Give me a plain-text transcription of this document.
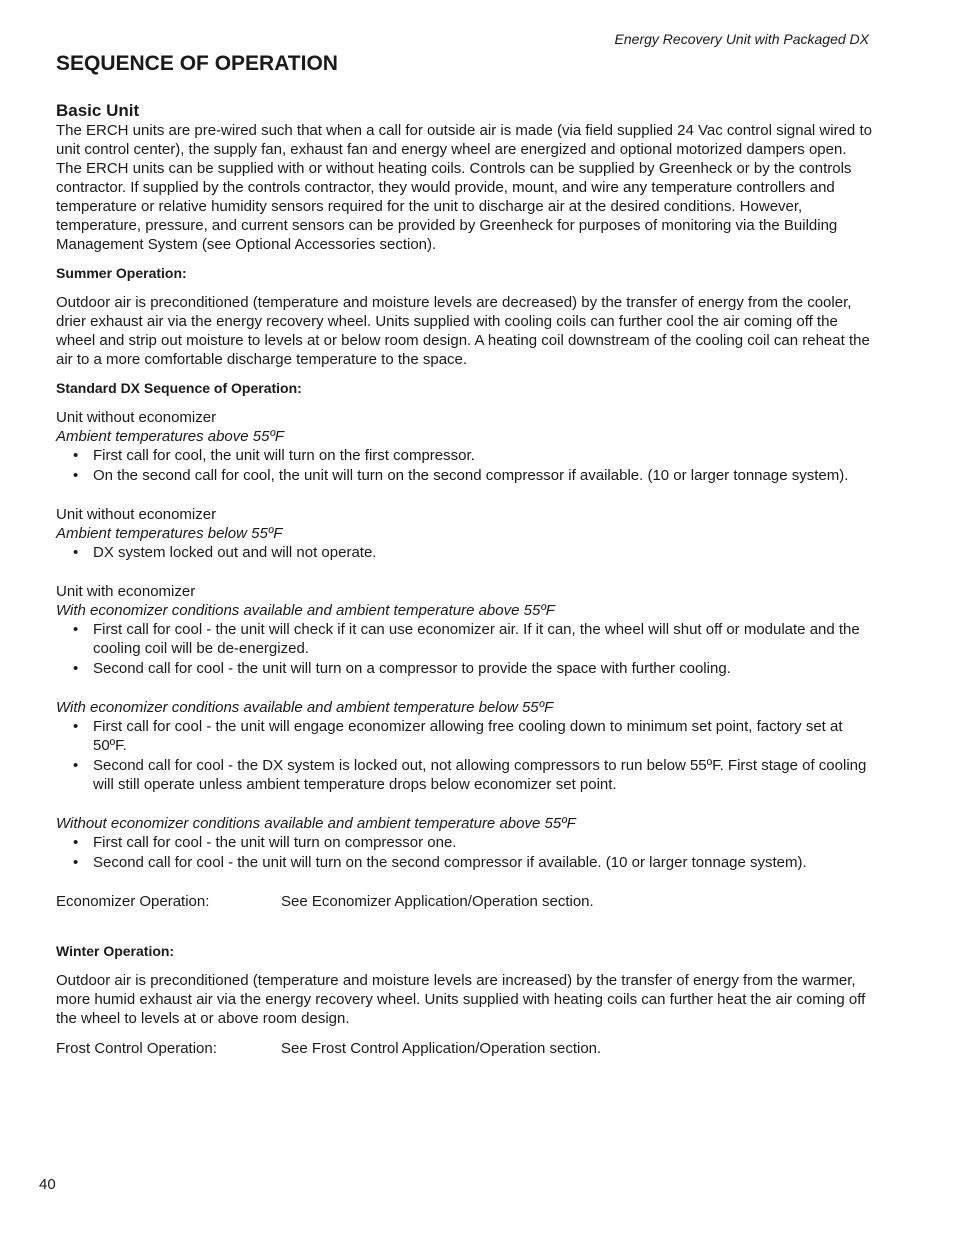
Energy Recovery Unit with Packaged DX
SEQUENCE OF OPERATION
Basic Unit

The ERCH units are pre-wired such that when a call for outside air is made (via field supplied 24 Vac control signal wired to unit control center), the supply fan, exhaust fan and energy wheel are energized and optional motorized dampers open. The ERCH units can be supplied with or without heating coils. Controls can be supplied by Greenheck or by the controls contractor. If supplied by the controls contractor, they would provide, mount, and wire any temperature controllers and temperature or relative humidity sensors required for the unit to discharge air at the desired conditions. However, temperature, pressure, and current sensors can be provided by Greenheck for purposes of monitoring via the Building Management System (see Optional Accessories section).

Summer Operation:

Outdoor air is preconditioned (temperature and moisture levels are decreased) by the transfer of energy from the cooler, drier exhaust air via the energy recovery wheel. Units supplied with cooling coils can further cool the air coming off the wheel and strip out moisture to levels at or below room design. A heating coil downstream of the cooling coil can reheat the air to a more comfortable discharge temperature to the space.

Standard DX Sequence of Operation:

Unit without economizer

Ambient temperatures above 55ºF

• First call for cool, the unit will turn on the first compressor.
• On the second call for cool, the unit will turn on the second compressor if available. (10 or larger tonnage system).

Unit without economizer

Ambient temperatures below 55ºF

• DX system locked out and will not operate.

Unit with economizer

With economizer conditions available and ambient temperature above 55ºF

• First call for cool - the unit will check if it can use economizer air. If it can, the wheel will shut off or modulate and the cooling coil will be de-energized.
• Second call for cool - the unit will turn on a compressor to provide the space with further cooling.

With economizer conditions available and ambient temperature below 55ºF

• First call for cool - the unit will engage economizer allowing free cooling down to minimum set point, factory set at 50ºF.
• Second call for cool - the DX system is locked out, not allowing compressors to run below 55ºF. First stage of cooling will still operate unless ambient temperature drops below economizer set point.

Without economizer conditions available and ambient temperature above 55ºF

• First call for cool - the unit will turn on compressor one.
• Second call for cool - the unit will turn on the second compressor if available. (10 or larger tonnage system).
Economizer Operation:	See Economizer Application/Operation section.
Winter Operation:

Outdoor air is preconditioned (temperature and moisture levels are increased) by the transfer of energy from the warmer, more humid exhaust air via the energy recovery wheel. Units supplied with heating coils can further heat the air coming off the wheel to levels at or above room design.

Frost Control Operation:	See Frost Control Application/Operation section.
40
